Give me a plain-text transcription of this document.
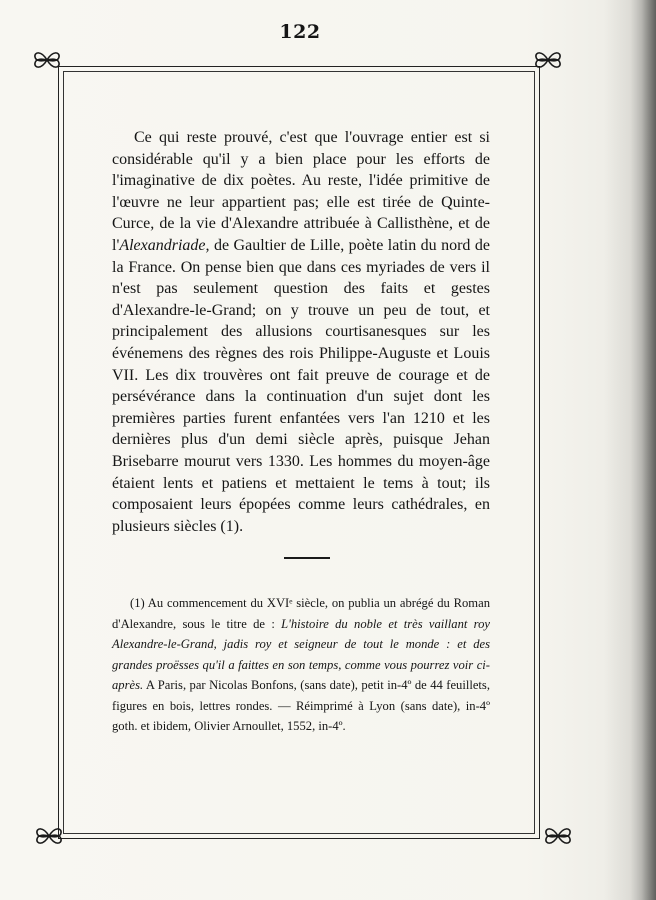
122
Ce qui reste prouvé, c'est que l'ouvrage entier est si considérable qu'il y a bien place pour les efforts de l'imaginative de dix poètes. Au reste, l'idée primitive de l'œuvre ne leur appartient pas; elle est tirée de Quinte-Curce, de la vie d'Alexandre attribuée à Callisthène, et de l'Alexandriade, de Gaultier de Lille, poète latin du nord de la France. On pense bien que dans ces myriades de vers il n'est pas seulement question des faits et gestes d'Alexandre-le-Grand; on y trouve un peu de tout, et principalement des allusions courtisanesques sur les événemens des règnes des rois Philippe-Auguste et Louis VII. Les dix trouvères ont fait preuve de courage et de persévérance dans la continuation d'un sujet dont les premières parties furent enfantées vers l'an 1210 et les dernières plus d'un demi siècle après, puisque Jehan Brisebarre mourut vers 1330. Les hommes du moyen-âge étaient lents et patiens et mettaient le tems à tout; ils composaient leurs épopées comme leurs cathédrales, en plusieurs siècles (1).
(1) Au commencement du XVIᵉ siècle, on publia un abrégé du Roman d'Alexandre, sous le titre de : L'histoire du noble et très vaillant roy Alexandre-le-Grand, jadis roy et seigneur de tout le monde : et des grandes proësses qu'il a faittes en son temps, comme vous pourrez voir ci-après. A Paris, par Nicolas Bonfons, (sans date), petit in-4º de 44 feuillets, figures en bois, lettres rondes. — Réimprimé à Lyon (sans date), in-4º goth. et ibidem, Olivier Arnoullet, 1552, in-4º.
